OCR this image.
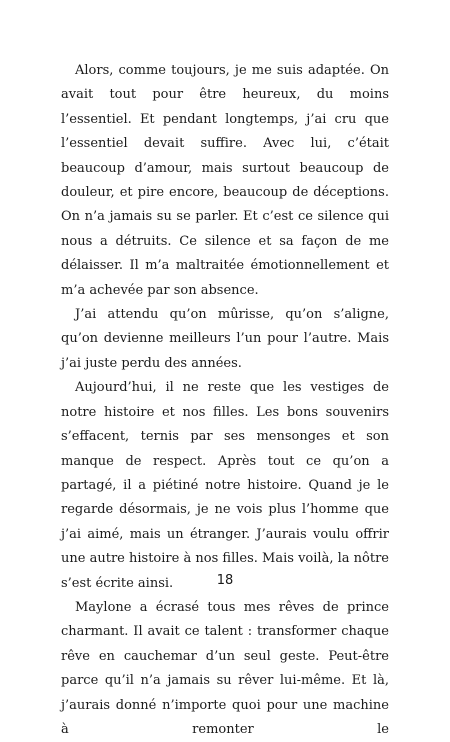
Alors, comme toujours, je me suis adaptée. On avait tout pour être heureux, du moins l’essentiel. Et pendant longtemps, j’ai cru que l’essentiel devait suffire. Avec lui, c’était beaucoup d’amour, mais surtout beaucoup de douleur, et pire encore, beaucoup de déceptions. On n’a jamais su se parler. Et c’est ce silence qui nous a détruits. Ce silence et sa façon de me délaisser. Il m’a maltraitée émotionnellement et m’a achevée par son absence.

J’ai attendu qu’on mûrisse, qu’on s’aligne, qu’on devienne meilleurs l’un pour l’autre. Mais j’ai juste perdu des années.

Aujourd’hui, il ne reste que les vestiges de notre histoire et nos filles. Les bons souvenirs s’effacent, ternis par ses mensonges et son manque de respect. Après tout ce qu’on a partagé, il a piétiné notre histoire. Quand je le regarde désormais, je ne vois plus l’homme que j’ai aimé, mais un étranger. J’aurais voulu offrir une autre histoire à nos filles. Mais voilà, la nôtre s’est écrite ainsi.

Maylone a écrasé tous mes rêves de prince charmant. Il avait ce talent : transformer chaque rêve en cauchemar d’un seul geste. Peut-être parce qu’il n’a jamais su rêver lui-même. Et là, j’aurais donné n’importe quoi pour une machine à remonter le

18
